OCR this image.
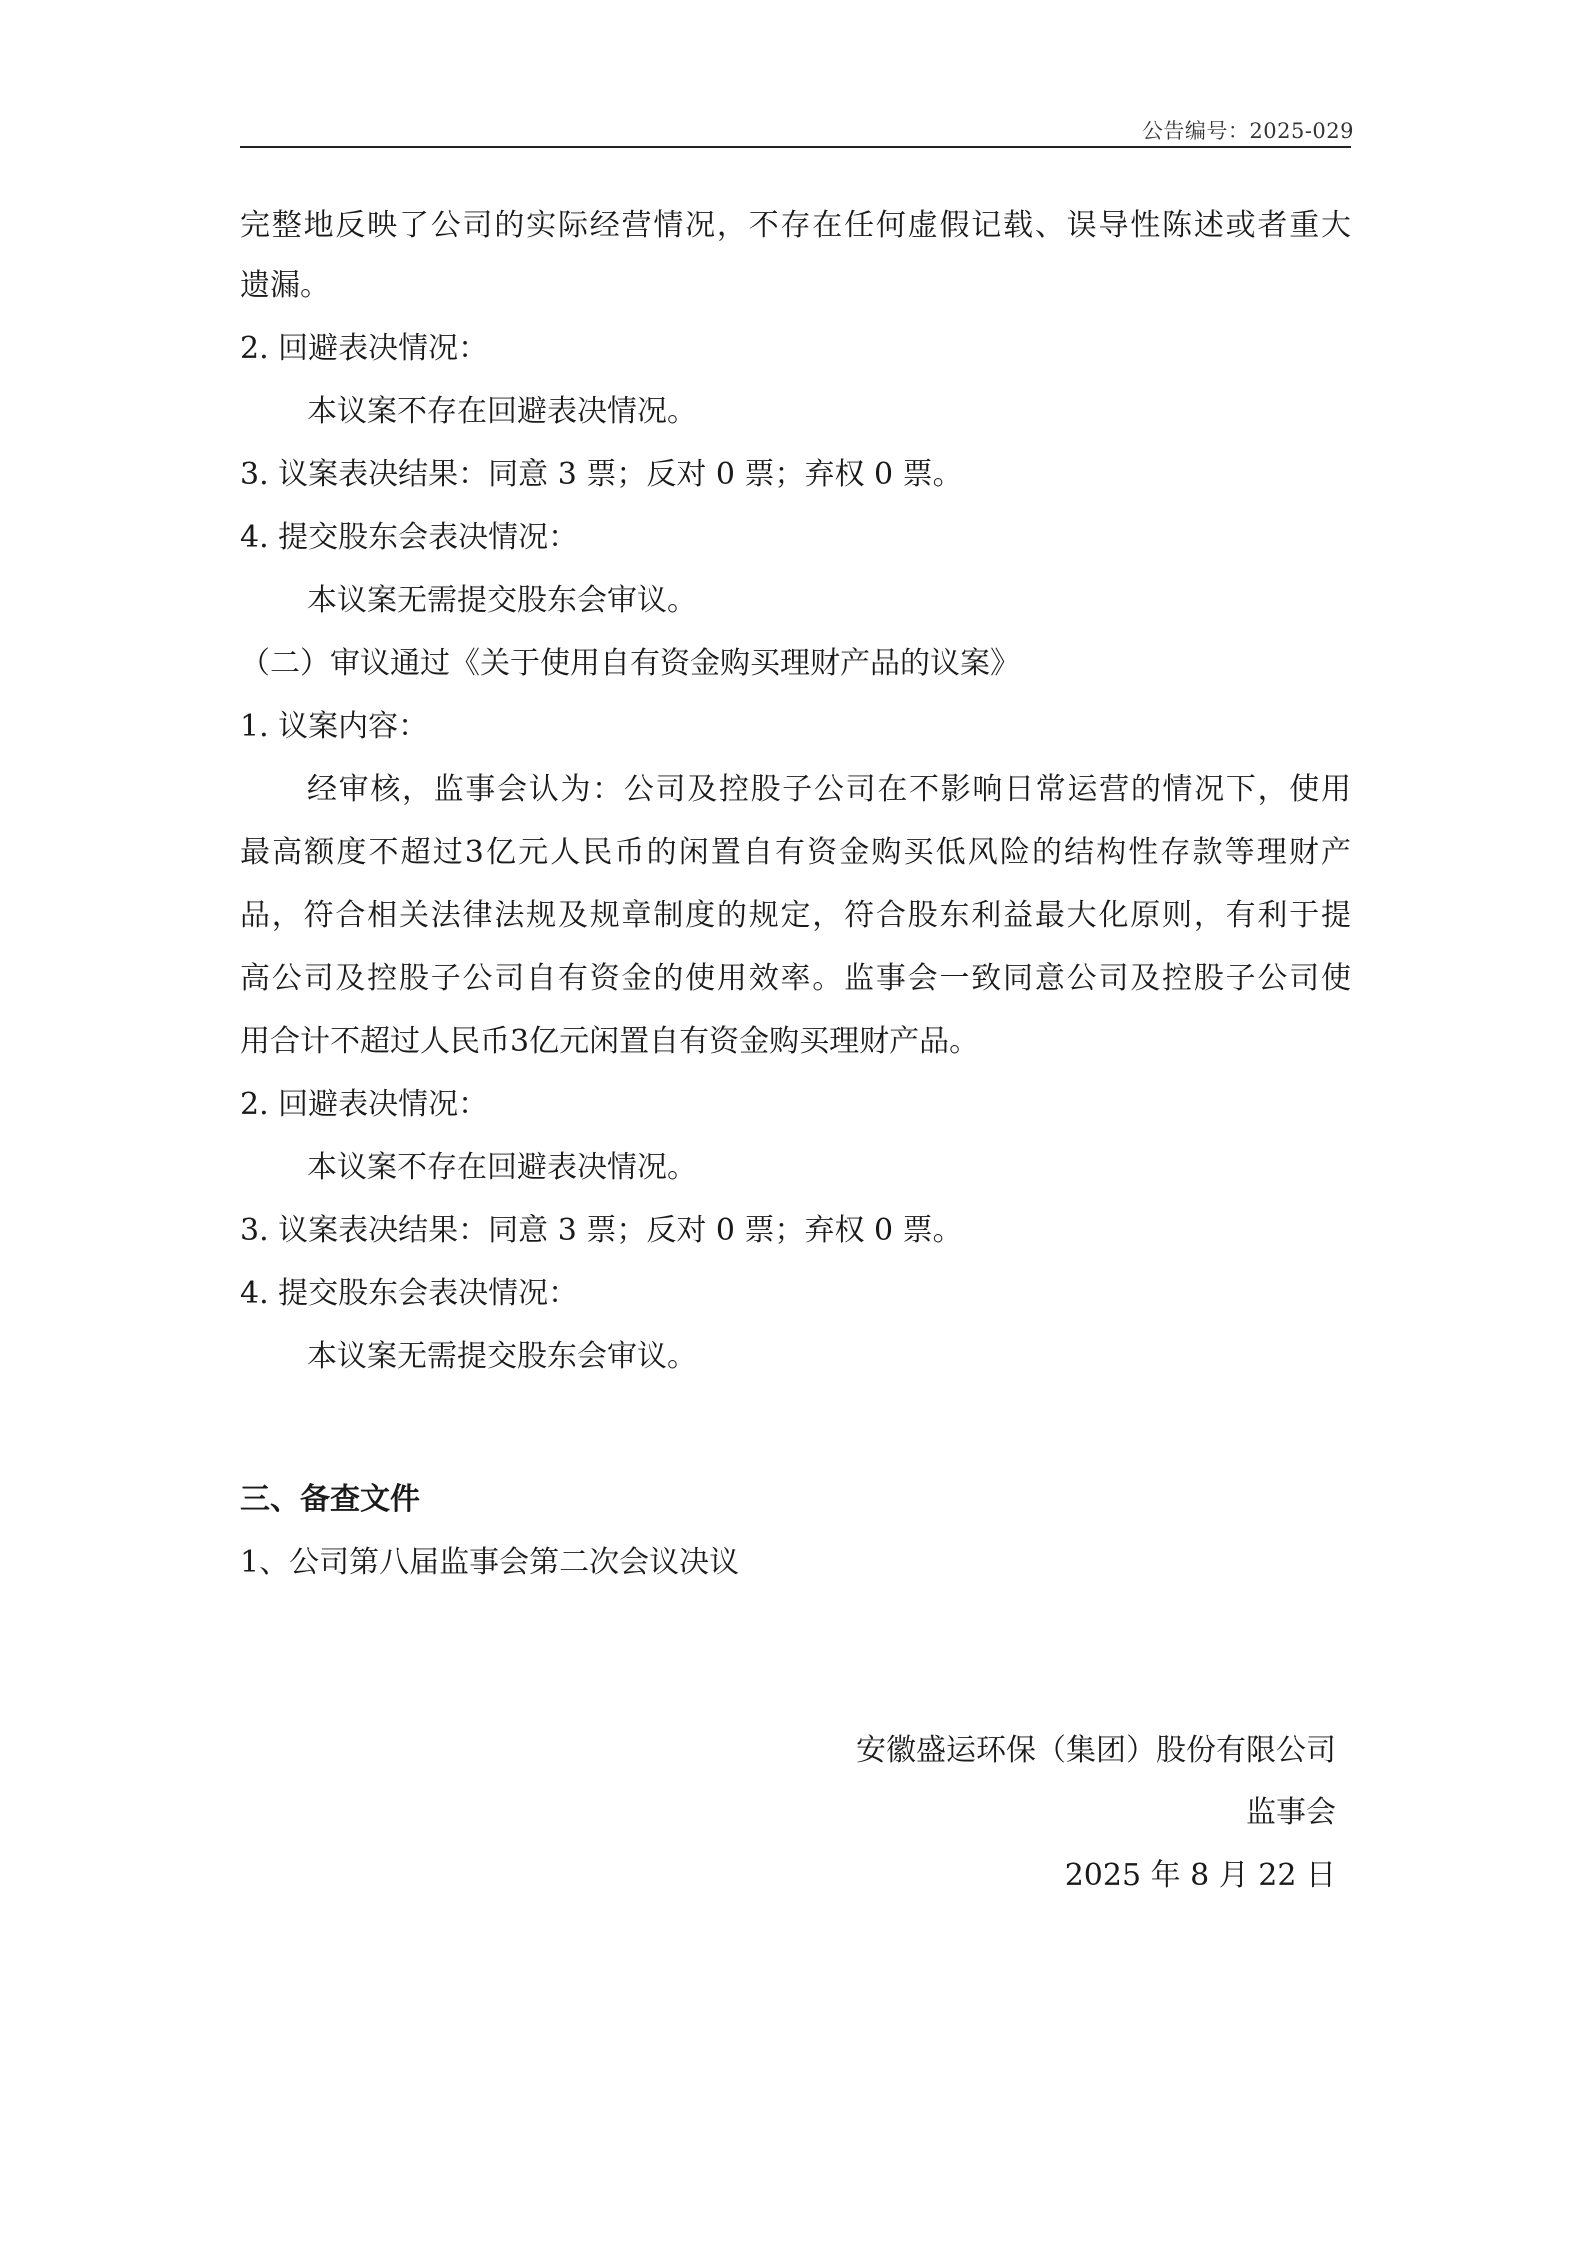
公告编号：2025-029
完整地反映了公司的实际经营情况，不存在任何虚假记载、误导性陈述或者重大
遗漏。
2. 回避表决情况：
本议案不存在回避表决情况。
3. 议案表决结果：同意 3 票；反对 0 票；弃权 0 票。
4. 提交股东会表决情况：
本议案无需提交股东会审议。
（二）审议通过《关于使用自有资金购买理财产品的议案》
1. 议案内容：
经审核，监事会认为：公司及控股子公司在不影响日常运营的情况下，使用
最高额度不超过3亿元人民币的闲置自有资金购买低风险的结构性存款等理财产
品，符合相关法律法规及规章制度的规定，符合股东利益最大化原则，有利于提
高公司及控股子公司自有资金的使用效率。监事会一致同意公司及控股子公司使
用合计不超过人民币3亿元闲置自有资金购买理财产品。
2. 回避表决情况：
本议案不存在回避表决情况。
3. 议案表决结果：同意 3 票；反对 0 票；弃权 0 票。
4. 提交股东会表决情况：
本议案无需提交股东会审议。
三、备查文件
1、公司第八届监事会第二次会议决议
安徽盛运环保（集团）股份有限公司
监事会
2025 年 8 月 22 日
